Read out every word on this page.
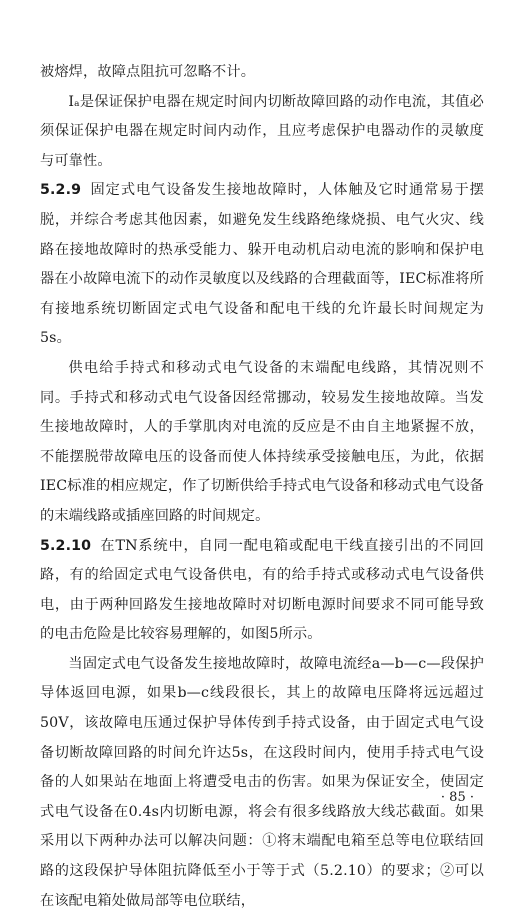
被熔焊，故障点阻抗可忽略不计。

Iₐ是保证保护电器在规定时间内切断故障回路的动作电流，其值必须保证保护电器在规定时间内动作，且应考虑保护电器动作的灵敏度与可靠性。

5.2.9 固定式电气设备发生接地故障时，人体触及它时通常易于摆脱，并综合考虑其他因素，如避免发生线路绝缘烧损、电气火灾、线路在接地故障时的热承受能力、躲开电动机启动电流的影响和保护电器在小故障电流下的动作灵敏度以及线路的合理截面等，IEC标准将所有接地系统切断固定式电气设备和配电干线的允许最长时间规定为5s。

供电给手持式和移动式电气设备的末端配电线路，其情况则不同。手持式和移动式电气设备因经常挪动，较易发生接地故障。当发生接地故障时，人的手掌肌肉对电流的反应是不由自主地紧握不放，不能摆脱带故障电压的设备而使人体持续承受接触电压，为此，依据IEC标准的相应规定，作了切断供给手持式电气设备和移动式电气设备的末端线路或插座回路的时间规定。

5.2.10 在TN系统中，自同一配电箱或配电干线直接引出的不同回路，有的给固定式电气设备供电，有的给手持式或移动式电气设备供电，由于两种回路发生接地故障时对切断电源时间要求不同可能导致的电击危险是比较容易理解的，如图5所示。

当固定式电气设备发生接地故障时，故障电流经a—b—c—段保护导体返回电源，如果b—c线段很长，其上的故障电压降将远远超过50V，该故障电压通过保护导体传到手持式设备，由于固定式电气设备切断故障回路的时间允许达5s，在这段时间内，使用手持式电气设备的人如果站在地面上将遭受电击的伤害。如果为保证安全，使固定式电气设备在0.4s内切断电源，将会有很多线路放大线芯截面。如果采用以下两种办法可以解决问题：①将末端配电箱至总等电位联结回路的这段保护导体阻抗降低至小于等于式（5.2.10）的要求；②可以在该配电箱处做局部等电位联结，

· 85 ·
